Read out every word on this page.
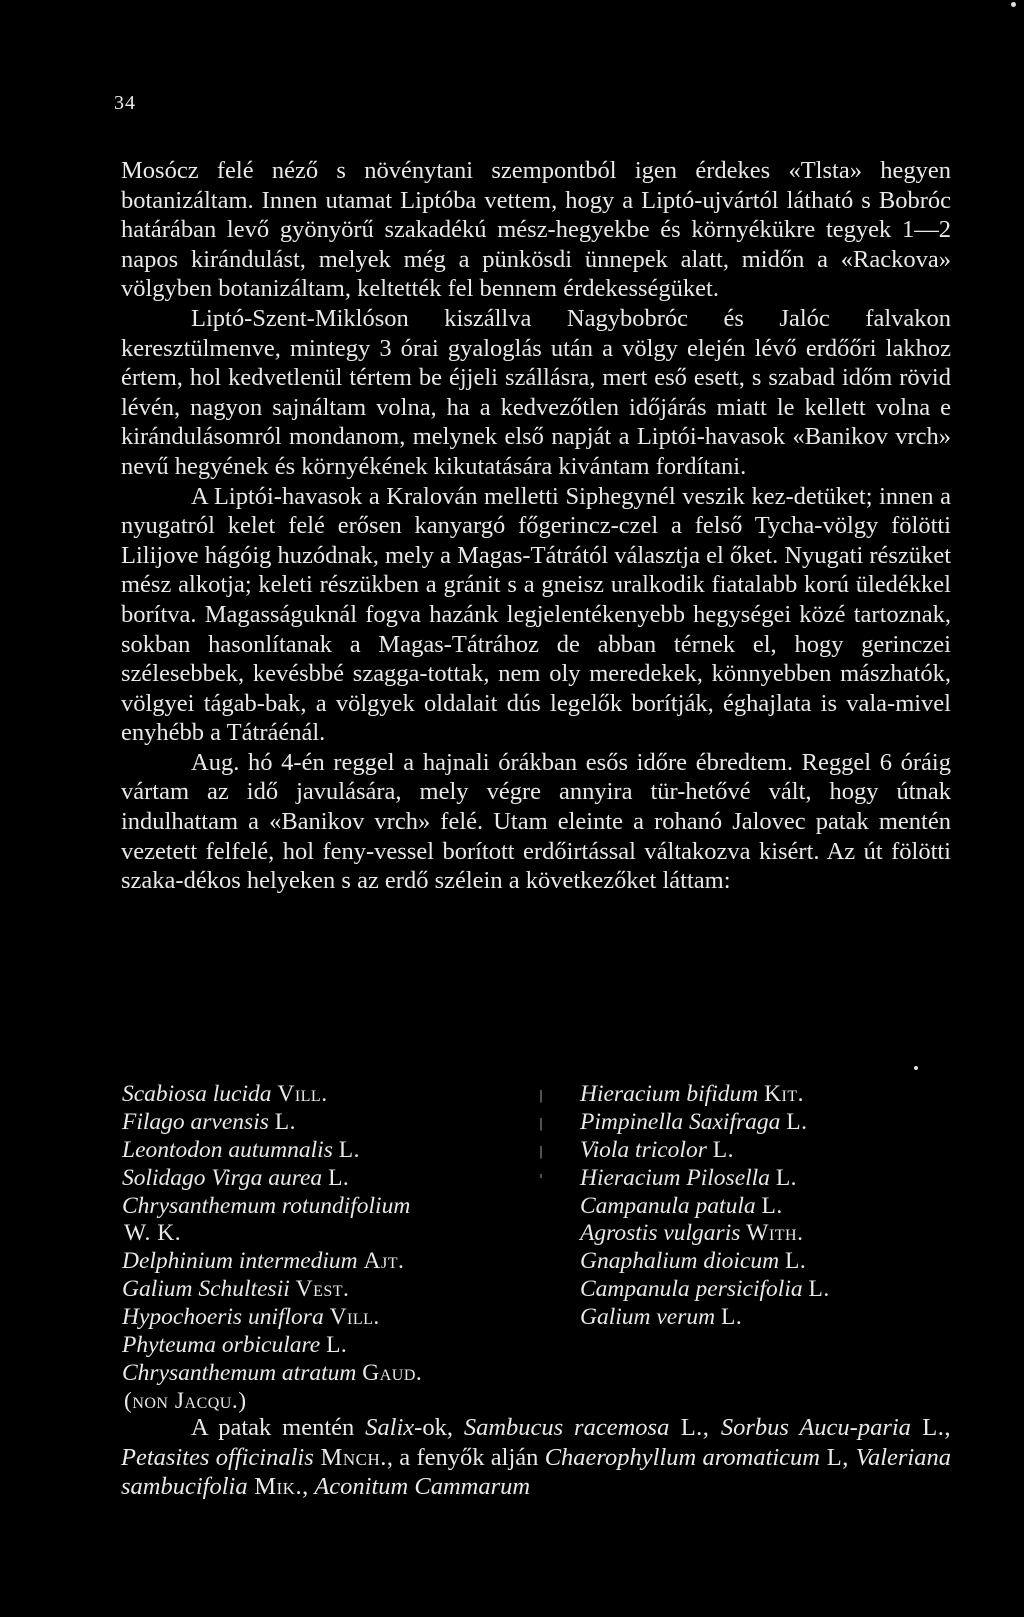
34

Mosócz felé néző s növénytani szempontból igen érdekes «Tlsta» hegyen botanizáltam. Innen utamat Liptóba vettem, hogy a Liptó-ujvártól látható s Bobróc határában levő gyönyörű szakadékú mész-hegyekbe és környékükre tegyek 1—2 napos kirándulást, melyek még a pünkösdi ünnepek alatt, midőn a «Rackova» völgyben botanizáltam, keltették fel bennem érdekességüket.

Liptó-Szent-Miklóson kiszállva Nagybobróc és Jalóc falvakon keresztülmenve, mintegy 3 órai gyaloglás után a völgy elején lévő erdőőri lakhoz értem, hol kedvetlenül tértem be éjjeli szállásra, mert eső esett, s szabad időm rövid lévén, nagyon sajnáltam volna, ha a kedvezőtlen időjárás miatt le kellett volna e kirándulásomról mondanom, melynek első napját a Liptói-havasok «Banikov vrch» nevű hegyének és környékének kikutatására kivántam fordítani.

A Liptói-havasok a Kralován melletti Siphegynél veszik kez-detüket; innen a nyugatról kelet felé erősen kanyargó főgerincz-czel a felső Tycha-völgy fölötti Lilijove hágóig huzódnak, mely a Magas-Tátrától választja el őket. Nyugati részüket mész alkotja; keleti részükben a gránit s a gneisz uralkodik fiatalabb korú üledékkel borítva. Magasságuknál fogva hazánk legjelentékenyebb hegységei közé tartoznak, sokban hasonlítanak a Magas-Tátrához de abban térnek el, hogy gerinczei szélesebbek, kevésbbé szagga-tottak, nem oly meredekek, könnyebben mászhatók, völgyei tágab-bak, a völgyek oldalait dús legelők borítják, éghajlata is vala-mivel enyhébb a Tátráénál.

Aug. hó 4-én reggel a hajnali órákban esős időre ébredtem. Reggel 6 óráig vártam az idő javulására, mely végre annyira tür-hetővé vált, hogy útnak indulhattam a «Banikov vrch» felé. Utam eleinte a rohanó Jalovec patak mentén vezetett felfelé, hol feny-vessel borított erdőirtással váltakozva kisért. Az út fölötti szaka-dékos helyeken s az erdő szélein a következőket láttam:

Scabiosa lucida Vill.
Filago arvensis L.
Leontodon autumnalis L.
Solidago Virga aurea L.
Chrysanthemum rotundifolium
W. K.
Delphinium intermedium Ajt.
Galium Schultesii Vest.
Hypochoeris uniflora Vill.
Phyteuma orbiculare L.
Chrysanthemum atratum Gaud.
(non Jacqu.)
Hieracium bifidum Kit.
Pimpinella Saxifraga L.
Viola tricolor L.
Hieracium Pilosella L.
Campanula patula L.
Agrostis vulgaris With.
Gnaphalium dioicum L.
Campanula persicifolia L.
Galium verum L.

A patak mentén Salix-ok, Sambucus racemosa L., Sorbus Aucu-paria L., Petasites officinalis Mnch., a fenyők alján Chaerophyllum aromaticum L, Valeriana sambucifolia Mik., Aconitum Cammarum
